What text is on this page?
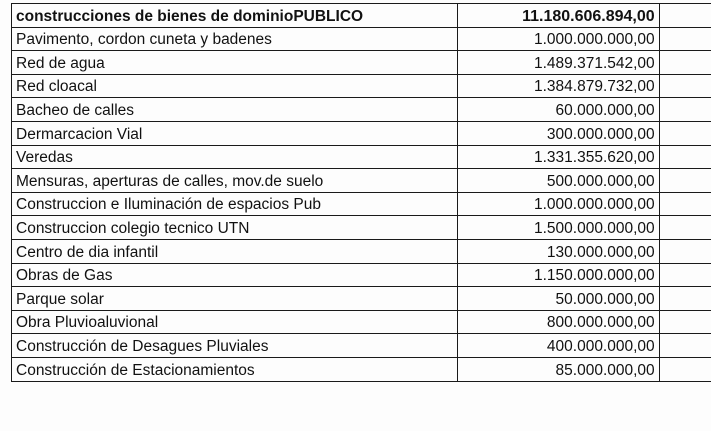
construcciones de bienes de dominioPUBLICO	11.180.606.894,00	
Pavimento, cordon cuneta y badenes	1.000.000.000,00	
Red de agua	1.489.371.542,00	
Red cloacal	1.384.879.732,00	
Bacheo de calles	60.000.000,00	
Dermarcacion Vial	300.000.000,00	
Veredas	1.331.355.620,00	
Mensuras, aperturas de calles, mov.de suelo	500.000.000,00	
Construccion e Iluminación de espacios Pub	1.000.000.000,00	
Construccion colegio tecnico UTN	1.500.000.000,00	
Centro de dia infantil	130.000.000,00	
Obras de Gas	1.150.000.000,00	
Parque solar	50.000.000,00	
Obra Pluvioaluvional	800.000.000,00	
Construcción de Desagues Pluviales	400.000.000,00	
Construcción de Estacionamientos	85.000.000,00	
